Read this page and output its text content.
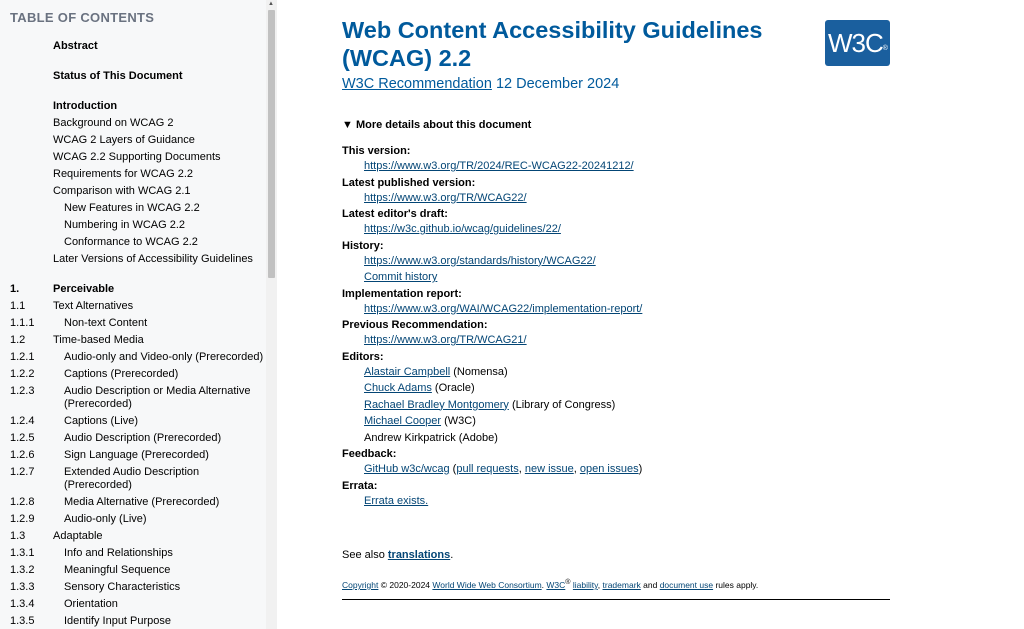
TABLE OF CONTENTS
Abstract
Status of This Document
Introduction
Background on WCAG 2
WCAG 2 Layers of Guidance
WCAG 2.2 Supporting Documents
Requirements for WCAG 2.2
Comparison with WCAG 2.1
New Features in WCAG 2.2
Numbering in WCAG 2.2
Conformance to WCAG 2.2
Later Versions of Accessibility Guidelines
1.	Perceivable
1.1	Text Alternatives
1.1.1	Non-text Content
1.2	Time-based Media
1.2.1	Audio-only and Video-only (Prerecorded)
1.2.2	Captions (Prerecorded)
1.2.3	Audio Description or Media Alternative (Prerecorded)
1.2.4	Captions (Live)
1.2.5	Audio Description (Prerecorded)
1.2.6	Sign Language (Prerecorded)
1.2.7	Extended Audio Description (Prerecorded)
1.2.8	Media Alternative (Prerecorded)
1.2.9	Audio-only (Live)
1.3	Adaptable
1.3.1	Info and Relationships
1.3.2	Meaningful Sequence
1.3.3	Sensory Characteristics
1.3.4	Orientation
1.3.5	Identify Input Purpose
▲
Web Content Accessibility Guidelines (WCAG) 2.2
W3C ®

W3C Recommendation 12 December 2024

▼ More details about this document
This version:
https://www.w3.org/TR/2024/REC-WCAG22-20241212/
Latest published version:
https://www.w3.org/TR/WCAG22/
Latest editor's draft:
https://w3c.github.io/wcag/guidelines/22/
History:
https://www.w3.org/standards/history/WCAG22/
Commit history
Implementation report:
https://www.w3.org/WAI/WCAG22/implementation-report/
Previous Recommendation:
https://www.w3.org/TR/WCAG21/
Editors:
Alastair Campbell (Nomensa)
Chuck Adams (Oracle)
Rachael Bradley Montgomery (Library of Congress)
Michael Cooper (W3C)
Andrew Kirkpatrick (Adobe)
Feedback:
GitHub w3c/wcag (pull requests, new issue, open issues)
Errata:
Errata exists.

See also translations.

Copyright © 2020-2024 World Wide Web Consortium. W3C® liability, trademark and document use rules apply.
